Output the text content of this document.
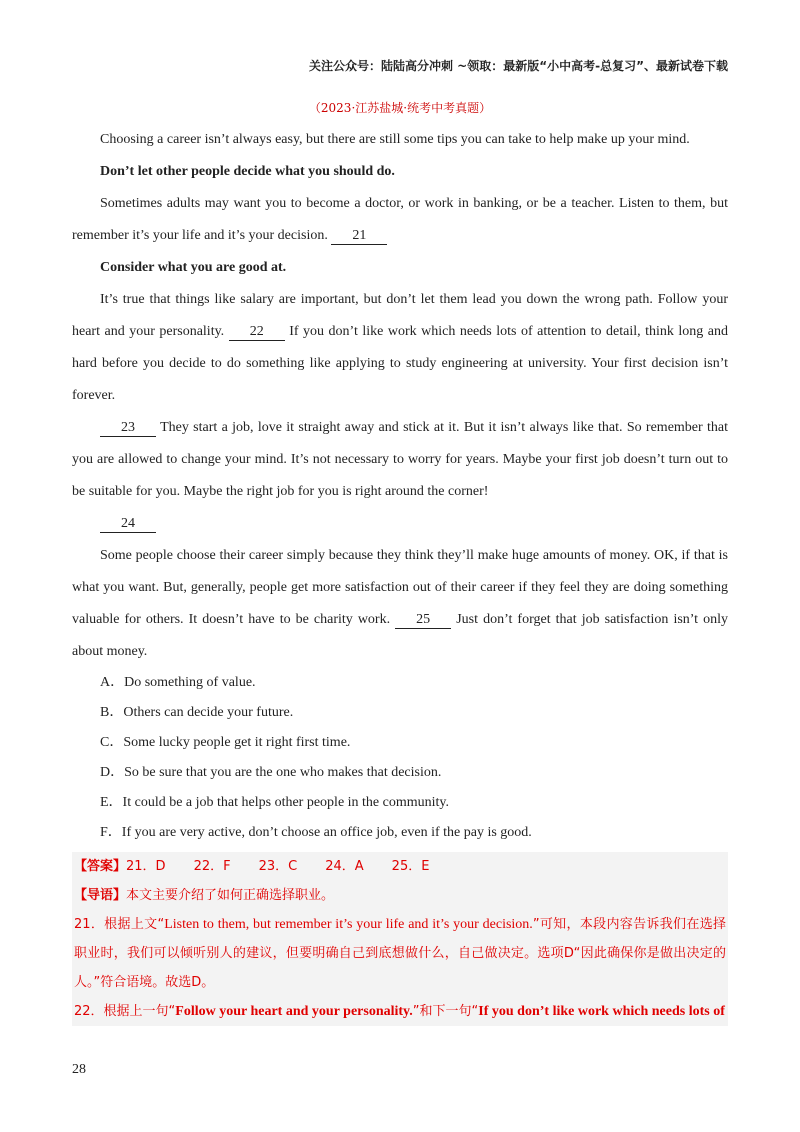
关注公众号：陆陆高分冲刺 ~领取：最新版“小中高考-总复习”、最新试卷下载
（2023·江苏盐城·统考中考真题）

Choosing a career isn’t always easy, but there are still some tips you can take to help make up your mind.

Don’t let other people decide what you should do.

Sometimes adults may want you to become a doctor, or work in banking, or be a teacher. Listen to them, but remember it’s your life and it’s your decision. 21

Consider what you are good at.

It’s true that things like salary are important, but don’t let them lead you down the wrong path. Follow your heart and your personality. 22 If you don’t like work which needs lots of attention to detail, think long and hard before you decide to do something like applying to study engineering at university. Your first decision isn’t forever.

23 They start a job, love it straight away and stick at it. But it isn’t always like that. So remember that you are allowed to change your mind. It’s not necessary to worry for years. Maybe your first job doesn’t turn out to be suitable for you. Maybe the right job for you is right around the corner!

24

Some people choose their career simply because they think they’ll make huge amounts of money. OK, if that is what you want. But, generally, people get more satisfaction out of their career if they feel they are doing something valuable for others. It doesn’t have to be charity work. 25 Just don’t forget that job satisfaction isn’t only about money.

A．Do something of value.

B．Others can decide your future.

C．Some lucky people get it right first time.

D．So be sure that you are the one who makes that decision.

E．It could be a job that helps other people in the community.

F．If you are very active, don’t choose an office job, even if the pay is good.

【答案】21．D 22．F 23．C 24．A 25．E

【导语】本文主要介绍了如何正确选择职业。

21．根据上文“Listen to them, but remember it’s your life and it’s your decision.”可知，本段内容告诉我们在选择职业时，我们可以倾听别人的建议，但要明确自己到底想做什么，自己做决定。选项D“因此确保你是做出决定的人。”符合语境。故选D。

22．根据上一句“Follow your heart and your personality.”和下一句“If you don’t like work which needs lots of

28
